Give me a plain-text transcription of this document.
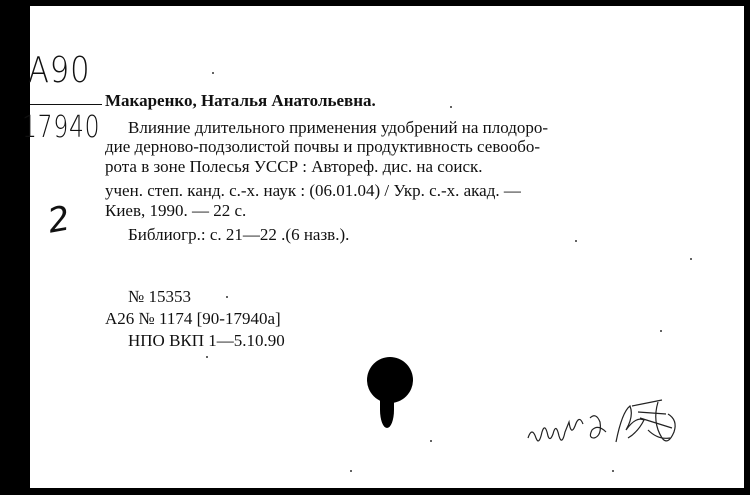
А90
17940
2
Макаренко, Наталья Анатольевна.
Влияние длительного применения удобрений на плодоро-
дие дерново-подзолистой почвы и продуктивность севообо-
рота в зоне Полесья УССР : Автореф. дис. на соиск.
учен. степ. канд. с.-х. наук : (06.01.04) / Укр. с.-х. акад. —
Киев, 1990. — 22 с.
Библиогр.: с. 21—22 .(6 назв.).
№ 15353
А26 № 1174 [90-17940а]
НПО ВКП 1—5.10.90
